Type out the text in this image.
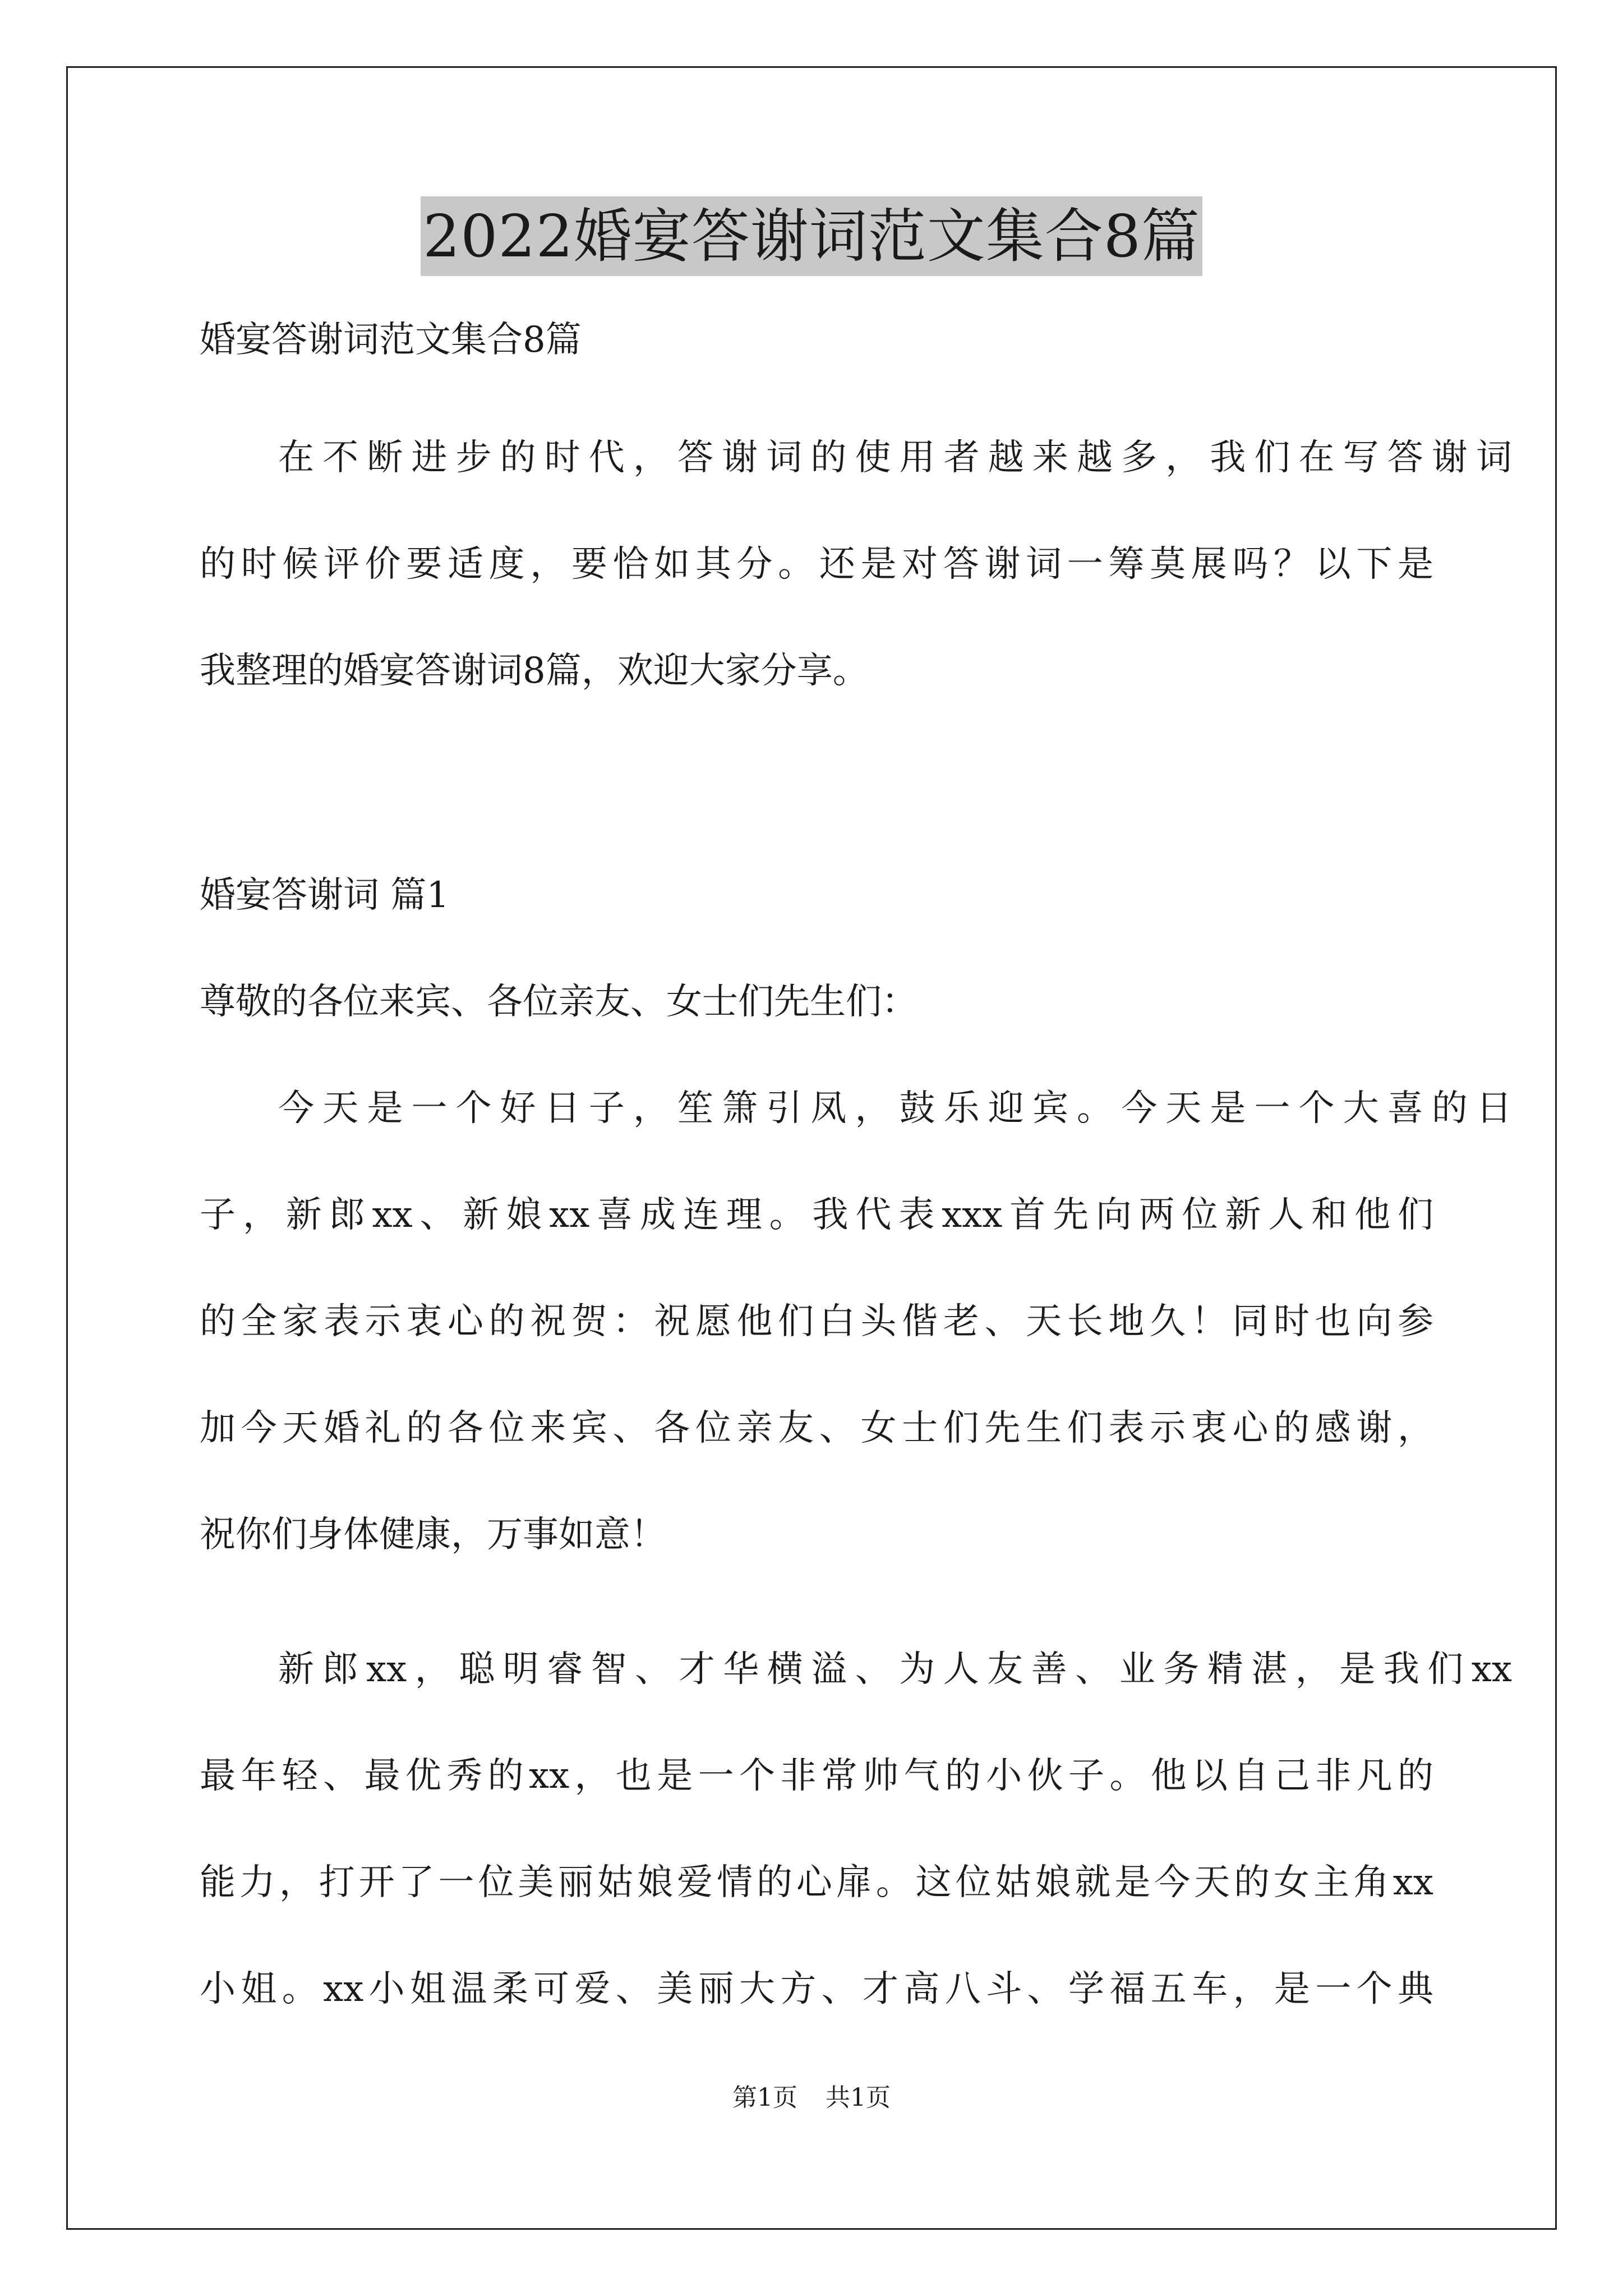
2022婚宴答谢词范文集合8篇
婚宴答谢词范文集合8篇
在不断进步的时代，答谢词的使用者越来越多，我们在写答谢词
的时候评价要适度，要恰如其分。还是对答谢词一筹莫展吗？以下是
我整理的婚宴答谢词8篇，欢迎大家分享。
婚宴答谢词 篇1
尊敬的各位来宾、各位亲友、女士们先生们：
今天是一个好日子，笙箫引凤，鼓乐迎宾。今天是一个大喜的日
子，新郎xx、新娘xx喜成连理。我代表xxx首先向两位新人和他们
的全家表示衷心的祝贺：祝愿他们白头偕老、天长地久！同时也向参
加今天婚礼的各位来宾、各位亲友、女士们先生们表示衷心的感谢，
祝你们身体健康，万事如意！
新郎xx，聪明睿智、才华横溢、为人友善、业务精湛，是我们xx
最年轻、最优秀的xx，也是一个非常帅气的小伙子。他以自己非凡的
能力，打开了一位美丽姑娘爱情的心扉。这位姑娘就是今天的女主角xx
小姐。xx小姐温柔可爱、美丽大方、才高八斗、学福五车，是一个典
第1页 共1页
